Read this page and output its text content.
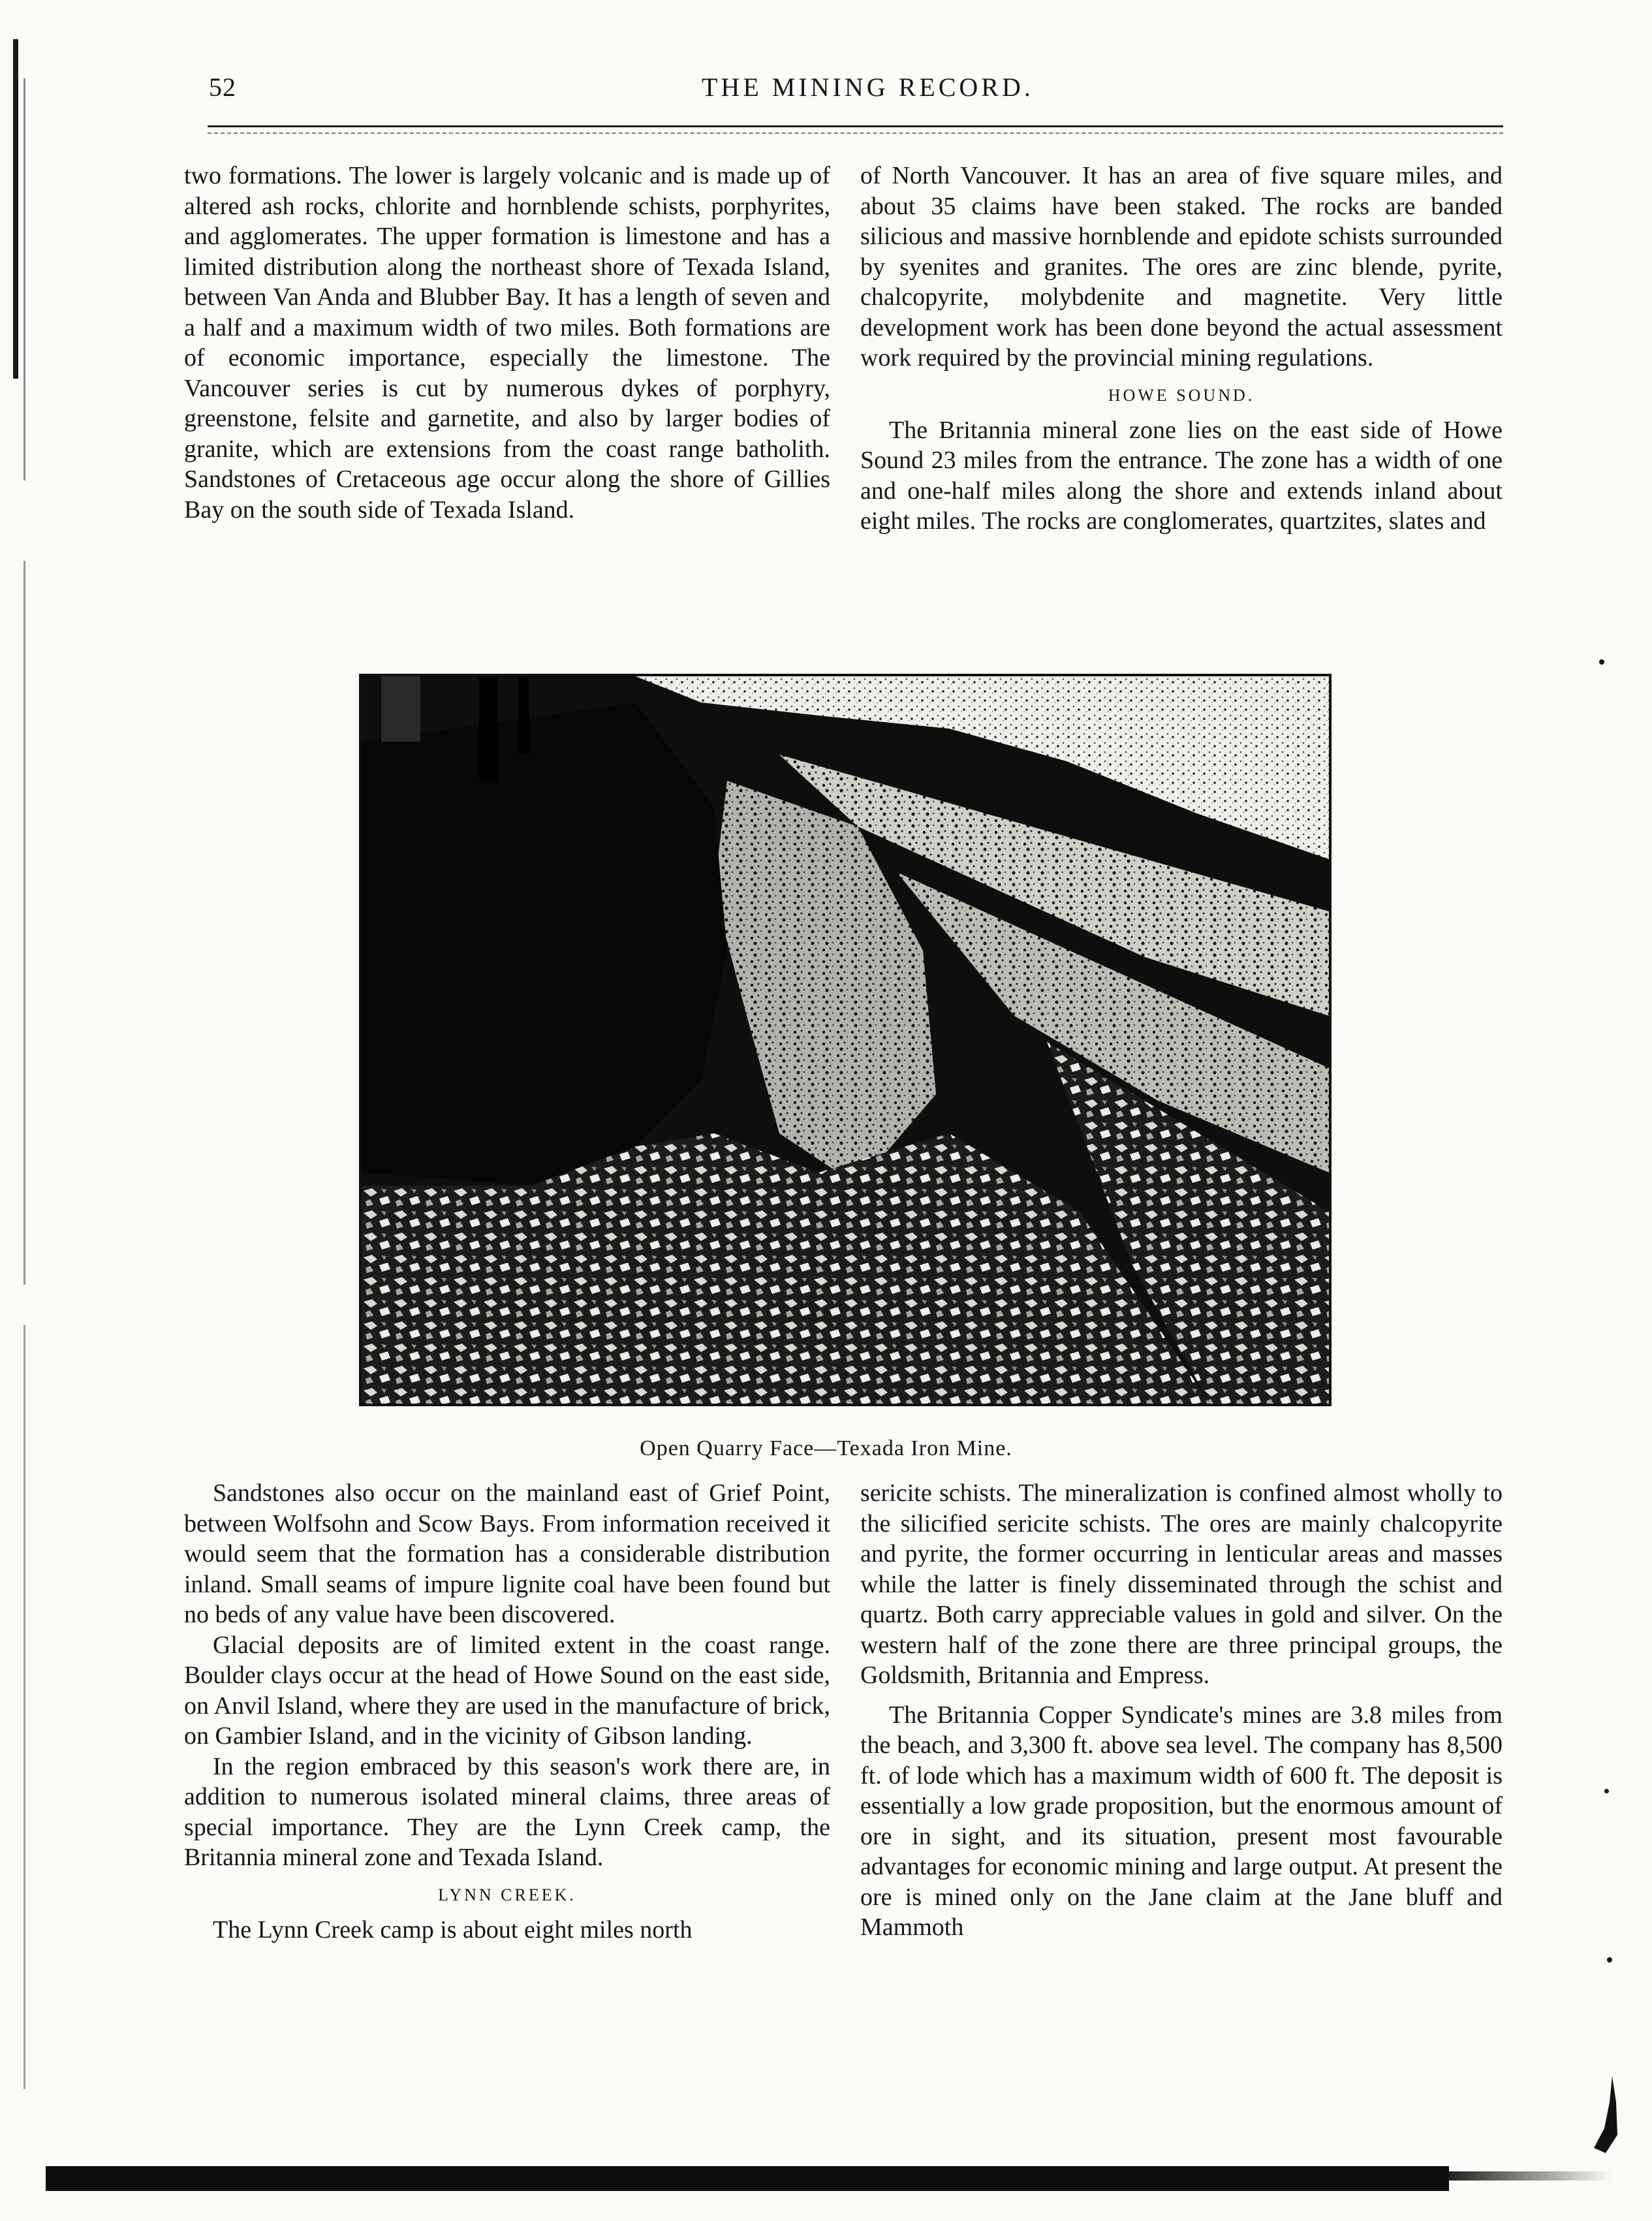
52	THE MINING RECORD.

two formations. The lower is largely volcanic and is made up of altered ash rocks, chlorite and hornblende schists, porphyrites, and agglomerates. The upper formation is limestone and has a limited distribution along the northeast shore of Texada Island, between Van Anda and Blubber Bay. It has a length of seven and a half and a maximum width of two miles. Both formations are of economic importance, especially the limestone. The Vancouver series is cut by numerous dykes of porphyry, greenstone, felsite and garnetite, and also by larger bodies of granite, which are extensions from the coast range batholith. Sandstones of Cretaceous age occur along the shore of Gillies Bay on the south side of Texada Island.

of North Vancouver. It has an area of five square miles, and about 35 claims have been staked. The rocks are banded silicious and massive hornblende and epidote schists surrounded by syenites and granites. The ores are zinc blende, pyrite, chalcopyrite, molybdenite and magnetite. Very little development work has been done beyond the actual assessment work required by the provincial mining regulations.

HOWE SOUND.

The Britannia mineral zone lies on the east side of Howe Sound 23 miles from the entrance. The zone has a width of one and one-half miles along the shore and extends inland about eight miles. The rocks are conglomerates, quartzites, slates and

Open Quarry Face—Texada Iron Mine.

Sandstones also occur on the mainland east of Grief Point, between Wolfsohn and Scow Bays. From information received it would seem that the formation has a considerable distribution inland. Small seams of impure lignite coal have been found but no beds of any value have been discovered.

Glacial deposits are of limited extent in the coast range. Boulder clays occur at the head of Howe Sound on the east side, on Anvil Island, where they are used in the manufacture of brick, on Gambier Island, and in the vicinity of Gibson landing.

In the region embraced by this season's work there are, in addition to numerous isolated mineral claims, three areas of special importance. They are the Lynn Creek camp, the Britannia mineral zone and Texada Island.

LYNN CREEK.

The Lynn Creek camp is about eight miles north

sericite schists. The mineralization is confined almost wholly to the silicified sericite schists. The ores are mainly chalcopyrite and pyrite, the former occurring in lenticular areas and masses while the latter is finely disseminated through the schist and quartz. Both carry appreciable values in gold and silver. On the western half of the zone there are three principal groups, the Goldsmith, Britannia and Empress.

The Britannia Copper Syndicate's mines are 3.8 miles from the beach, and 3,300 ft. above sea level. The company has 8,500 ft. of lode which has a maximum width of 600 ft. The deposit is essentially a low grade proposition, but the enormous amount of ore in sight, and its situation, present most favourable advantages for economic mining and large output. At present the ore is mined only on the Jane claim at the Jane bluff and Mammoth
